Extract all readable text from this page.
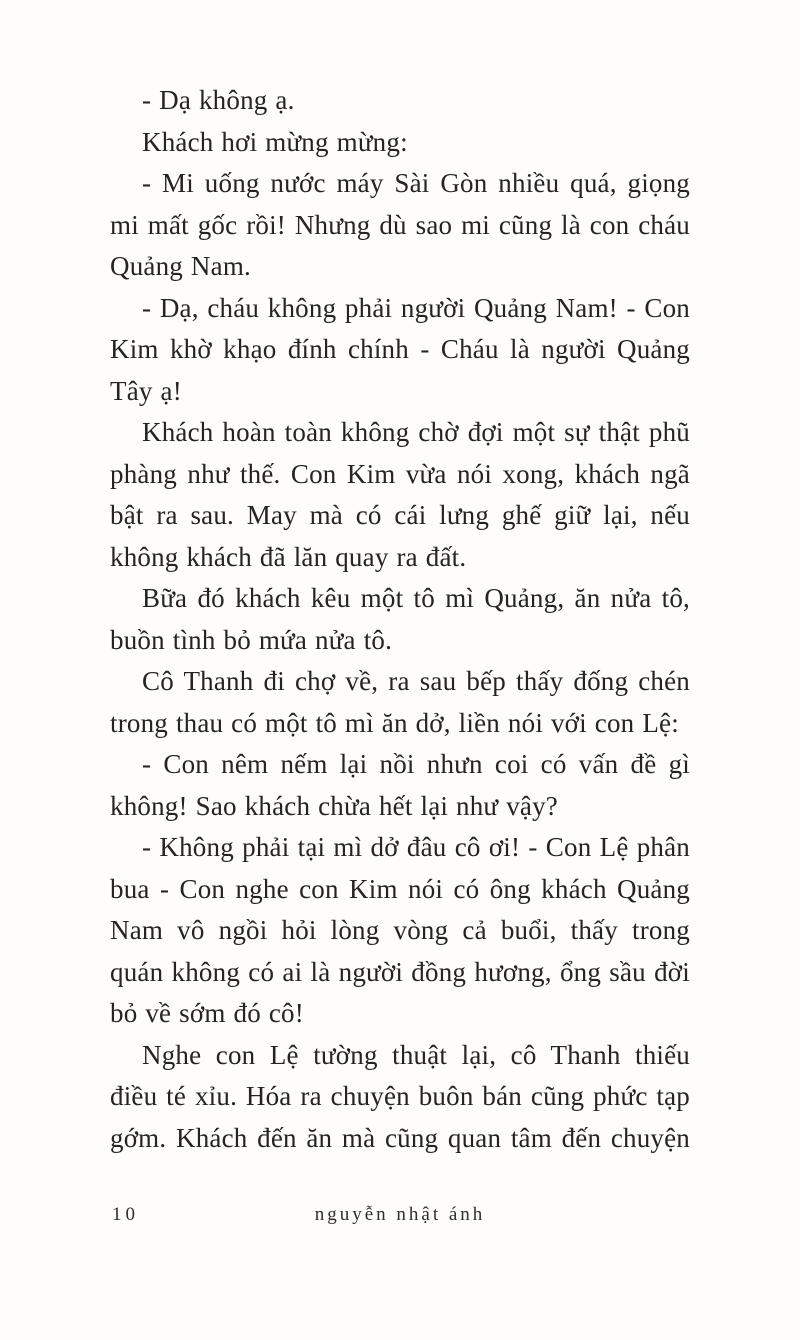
- Dạ không ạ.

Khách hơi mừng mừng:

- Mi uống nước máy Sài Gòn nhiều quá, giọng mi mất gốc rồi! Nhưng dù sao mi cũng là con cháu Quảng Nam.

- Dạ, cháu không phải người Quảng Nam! - Con Kim khờ khạo đính chính - Cháu là người Quảng Tây ạ!

Khách hoàn toàn không chờ đợi một sự thật phũ phàng như thế. Con Kim vừa nói xong, khách ngã bật ra sau. May mà có cái lưng ghế giữ lại, nếu không khách đã lăn quay ra đất.

Bữa đó khách kêu một tô mì Quảng, ăn nửa tô, buồn tình bỏ mứa nửa tô.

Cô Thanh đi chợ về, ra sau bếp thấy đống chén trong thau có một tô mì ăn dở, liền nói với con Lệ:

- Con nêm nếm lại nồi nhưn coi có vấn đề gì không! Sao khách chừa hết lại như vậy?

- Không phải tại mì dở đâu cô ơi! - Con Lệ phân bua - Con nghe con Kim nói có ông khách Quảng Nam vô ngồi hỏi lòng vòng cả buổi, thấy trong quán không có ai là người đồng hương, ổng sầu đời bỏ về sớm đó cô!

Nghe con Lệ tường thuật lại, cô Thanh thiếu điều té xỉu. Hóa ra chuyện buôn bán cũng phức tạp gớm. Khách đến ăn mà cũng quan tâm đến chuyện

10	nguyễn nhật ánh
